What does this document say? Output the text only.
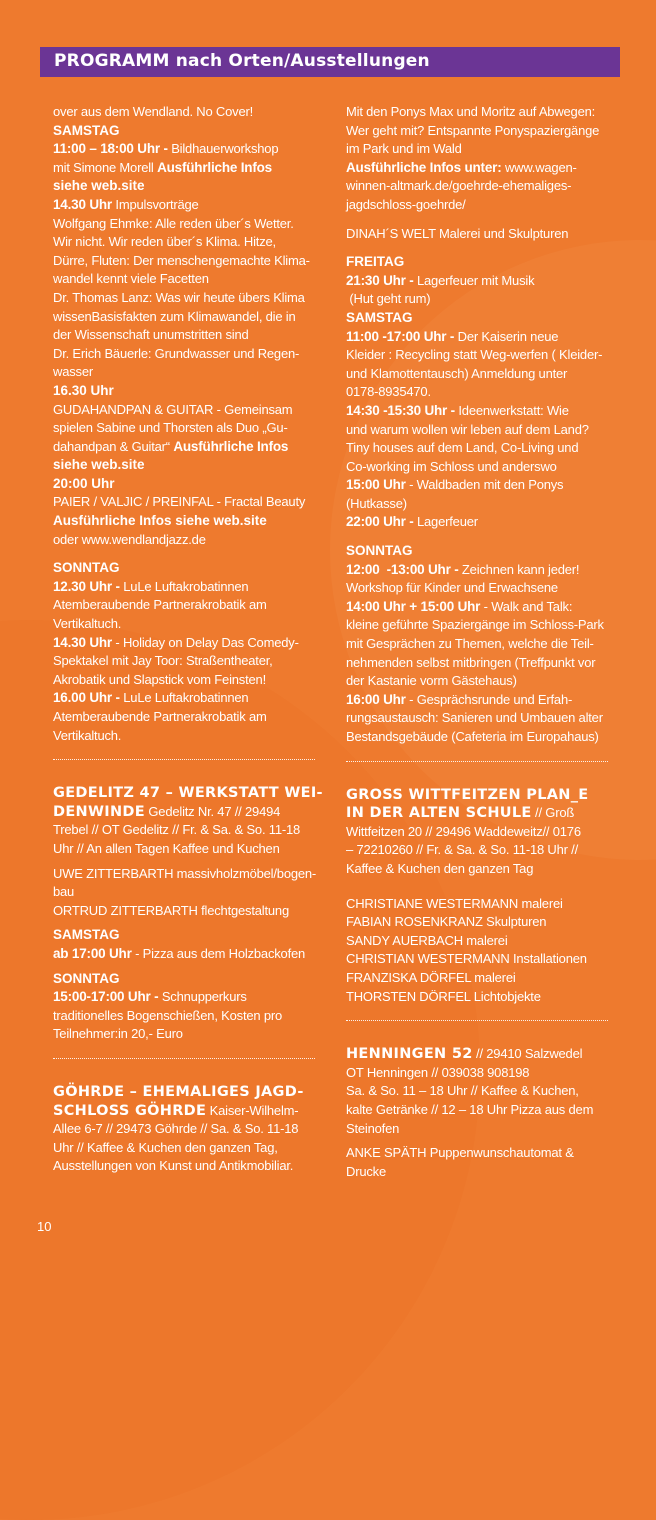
PROGRAMM nach Orten/Ausstellungen
over aus dem Wendland. No Cover!
SAMSTAG
11:00 – 18:00 Uhr - Bildhauerworkshop
mit Simone Morell Ausführliche Infos
siehe web.site
14.30 Uhr Impulsvorträge
Wolfgang Ehmke: Alle reden über´s Wetter.
Wir nicht. Wir reden über´s Klima. Hitze,
Dürre, Fluten: Der menschengemachte Klima-
wandel kennt viele Facetten
Dr. Thomas Lanz: Was wir heute übers Klima
wissenBasisfakten zum Klimawandel, die in
der Wissenschaft unumstritten sind
Dr. Erich Bäuerle: Grundwasser und Regen-
wasser
16.30 Uhr
GUDAHANDPAN & GUITAR - Gemeinsam
spielen Sabine und Thorsten als Duo „Gu-
dahandpan & Guitar“ Ausführliche Infos
siehe web.site
20:00 Uhr
PAIER / VALJIC / PREINFAL - Fractal Beauty
Ausführliche Infos siehe web.site
oder www.wendlandjazz.de
SONNTAG
12.30 Uhr - LuLe Luftakrobatinnen
Atemberaubende Partnerakrobatik am
Vertikaltuch.
14.30 Uhr - Holiday on Delay Das Comedy-
Spektakel mit Jay Toor: Straßentheater,
Akrobatik und Slapstick vom Feinsten!
16.00 Uhr - LuLe Luftakrobatinnen
Atemberaubende Partnerakrobatik am
Vertikaltuch.
GEDELITZ 47 – WERKSTATT WEI-
DENWINDE Gedelitz Nr. 47 // 29494
Trebel // OT Gedelitz // Fr. & Sa. & So. 11-18
Uhr // An allen Tagen Kaffee und Kuchen
UWE ZITTERBARTH massivholzmöbel/bogen-
bau
ORTRUD ZITTERBARTH flechtgestaltung
SAMSTAG
ab 17:00 Uhr - Pizza aus dem Holzbackofen
SONNTAG
15:00-17:00 Uhr - Schnupperkurs
traditionelles Bogenschießen, Kosten pro
Teilnehmer:in 20,- Euro
GÖHRDE – EHEMALIGES JAGD-
SCHLOSS GÖHRDE Kaiser-Wilhelm-
Allee 6-7 // 29473 Göhrde // Sa. & So. 11-18
Uhr // Kaffee & Kuchen den ganzen Tag,
Ausstellungen von Kunst und Antikmobiliar.
Mit den Ponys Max und Moritz auf Abwegen:
Wer geht mit? Entspannte Ponyspaziergänge
im Park und im Wald
Ausführliche Infos unter: www.wagen-
winnen-altmark.de/goehrde-ehemaliges-
jagdschloss-goehrde/
DINAH´S WELT Malerei und Skulpturen
FREITAG
21:30 Uhr - Lagerfeuer mit Musik
(Hut geht rum)
SAMSTAG
11:00 -17:00 Uhr - Der Kaiserin neue
Kleider : Recycling statt Weg-werfen ( Kleider-
und Klamottentausch) Anmeldung unter
0178-8935470.
14:30 -15:30 Uhr - Ideenwerkstatt: Wie
und warum wollen wir leben auf dem Land?
Tiny houses auf dem Land, Co-Living und
Co-working im Schloss und anderswo
15:00 Uhr - Waldbaden mit den Ponys
(Hutkasse)
22:00 Uhr - Lagerfeuer
SONNTAG
12:00  -13:00 Uhr - Zeichnen kann jeder!
Workshop für Kinder und Erwachsene
14:00 Uhr + 15:00 Uhr - Walk and Talk:
kleine geführte Spaziergänge im Schloss-Park
mit Gesprächen zu Themen, welche die Teil-
nehmenden selbst mitbringen (Treffpunkt vor
der Kastanie vorm Gästehaus)
16:00 Uhr - Gesprächsrunde und Erfah-
rungsaustausch: Sanieren und Umbauen alter
Bestandsgebäude (Cafeteria im Europahaus)
GROSS WITTFEITZEN PLAN_E
IN DER ALTEN SCHULE // Groß
Wittfeitzen 20 // 29496 Waddeweitz// 0176
– 72210260 // Fr. & Sa. & So. 11-18 Uhr //
Kaffee & Kuchen den ganzen Tag
CHRISTIANE WESTERMANN malerei
FABIAN ROSENKRANZ Skulpturen
SANDY AUERBACH malerei
CHRISTIAN WESTERMANN Installationen
FRANZISKA DÖRFEL malerei
THORSTEN DÖRFEL Lichtobjekte
HENNINGEN 52 // 29410 Salzwedel
OT Henningen // 039038 908198
Sa. & So. 11 – 18 Uhr // Kaffee & Kuchen,
kalte Getränke // 12 – 18 Uhr Pizza aus dem
Steinofen
ANKE SPÄTH Puppenwunschautomat &
Drucke
10
